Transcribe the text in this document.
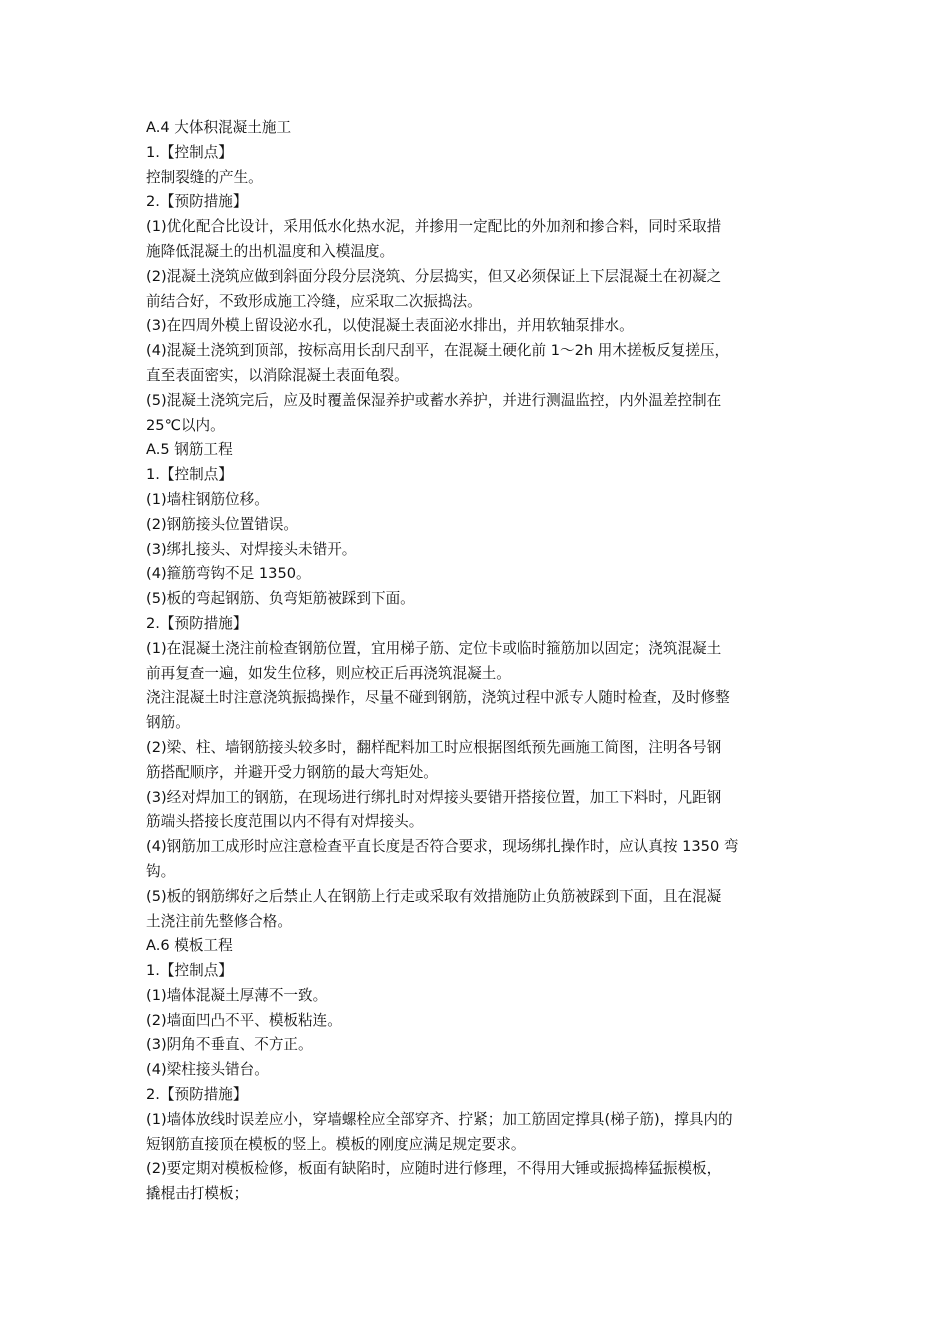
A.4 大体积混凝土施工

1.【控制点】

控制裂缝的产生。

2.【预防措施】

(1)优化配合比设计，采用低水化热水泥，并掺用一定配比的外加剂和掺合料，同时采取措

施降低混凝土的出机温度和入模温度。

(2)混凝土浇筑应做到斜面分段分层浇筑、分层捣实，但又必须保证上下层混凝土在初凝之

前结合好，不致形成施工冷缝，应采取二次振捣法。

(3)在四周外模上留设泌水孔，以使混凝土表面泌水排出，并用软轴泵排水。

(4)混凝土浇筑到顶部，按标高用长刮尺刮平，在混凝土硬化前 1～2h 用木搓板反复搓压，

直至表面密实，以消除混凝土表面龟裂。

(5)混凝土浇筑完后，应及时覆盖保湿养护或蓄水养护，并进行测温监控，内外温差控制在

25℃以内。

A.5 钢筋工程

1.【控制点】

(1)墙柱钢筋位移。

(2)钢筋接头位置错误。

(3)绑扎接头、对焊接头未错开。

(4)箍筋弯钩不足 1350。

(5)板的弯起钢筋、负弯矩筋被踩到下面。

2.【预防措施】

(1)在混凝土浇注前检查钢筋位置，宜用梯子筋、定位卡或临时箍筋加以固定；浇筑混凝土

前再复查一遍，如发生位移，则应校正后再浇筑混凝土。

浇注混凝土时注意浇筑振捣操作，尽量不碰到钢筋，浇筑过程中派专人随时检查，及时修整

钢筋。

(2)梁、柱、墙钢筋接头较多时，翻样配料加工时应根据图纸预先画施工简图，注明各号钢

筋搭配顺序，并避开受力钢筋的最大弯矩处。

(3)经对焊加工的钢筋，在现场进行绑扎时对焊接头要错开搭接位置，加工下料时，凡距钢

筋端头搭接长度范围以内不得有对焊接头。

(4)钢筋加工成形时应注意检查平直长度是否符合要求，现场绑扎操作时，应认真按 1350 弯

钩。

(5)板的钢筋绑好之后禁止人在钢筋上行走或采取有效措施防止负筋被踩到下面，且在混凝

土浇注前先整修合格。

A.6 模板工程

1.【控制点】

(1)墙体混凝土厚薄不一致。

(2)墙面凹凸不平、模板粘连。

(3)阴角不垂直、不方正。

(4)梁柱接头错台。

2.【预防措施】

(1)墙体放线时误差应小，穿墙螺栓应全部穿齐、拧紧；加工筋固定撑具(梯子筋)，撑具内的

短钢筋直接顶在模板的竖上。模板的刚度应满足规定要求。

(2)要定期对模板检修，板面有缺陷时，应随时进行修理，不得用大锤或振捣棒猛振模板，

撬棍击打模板；
